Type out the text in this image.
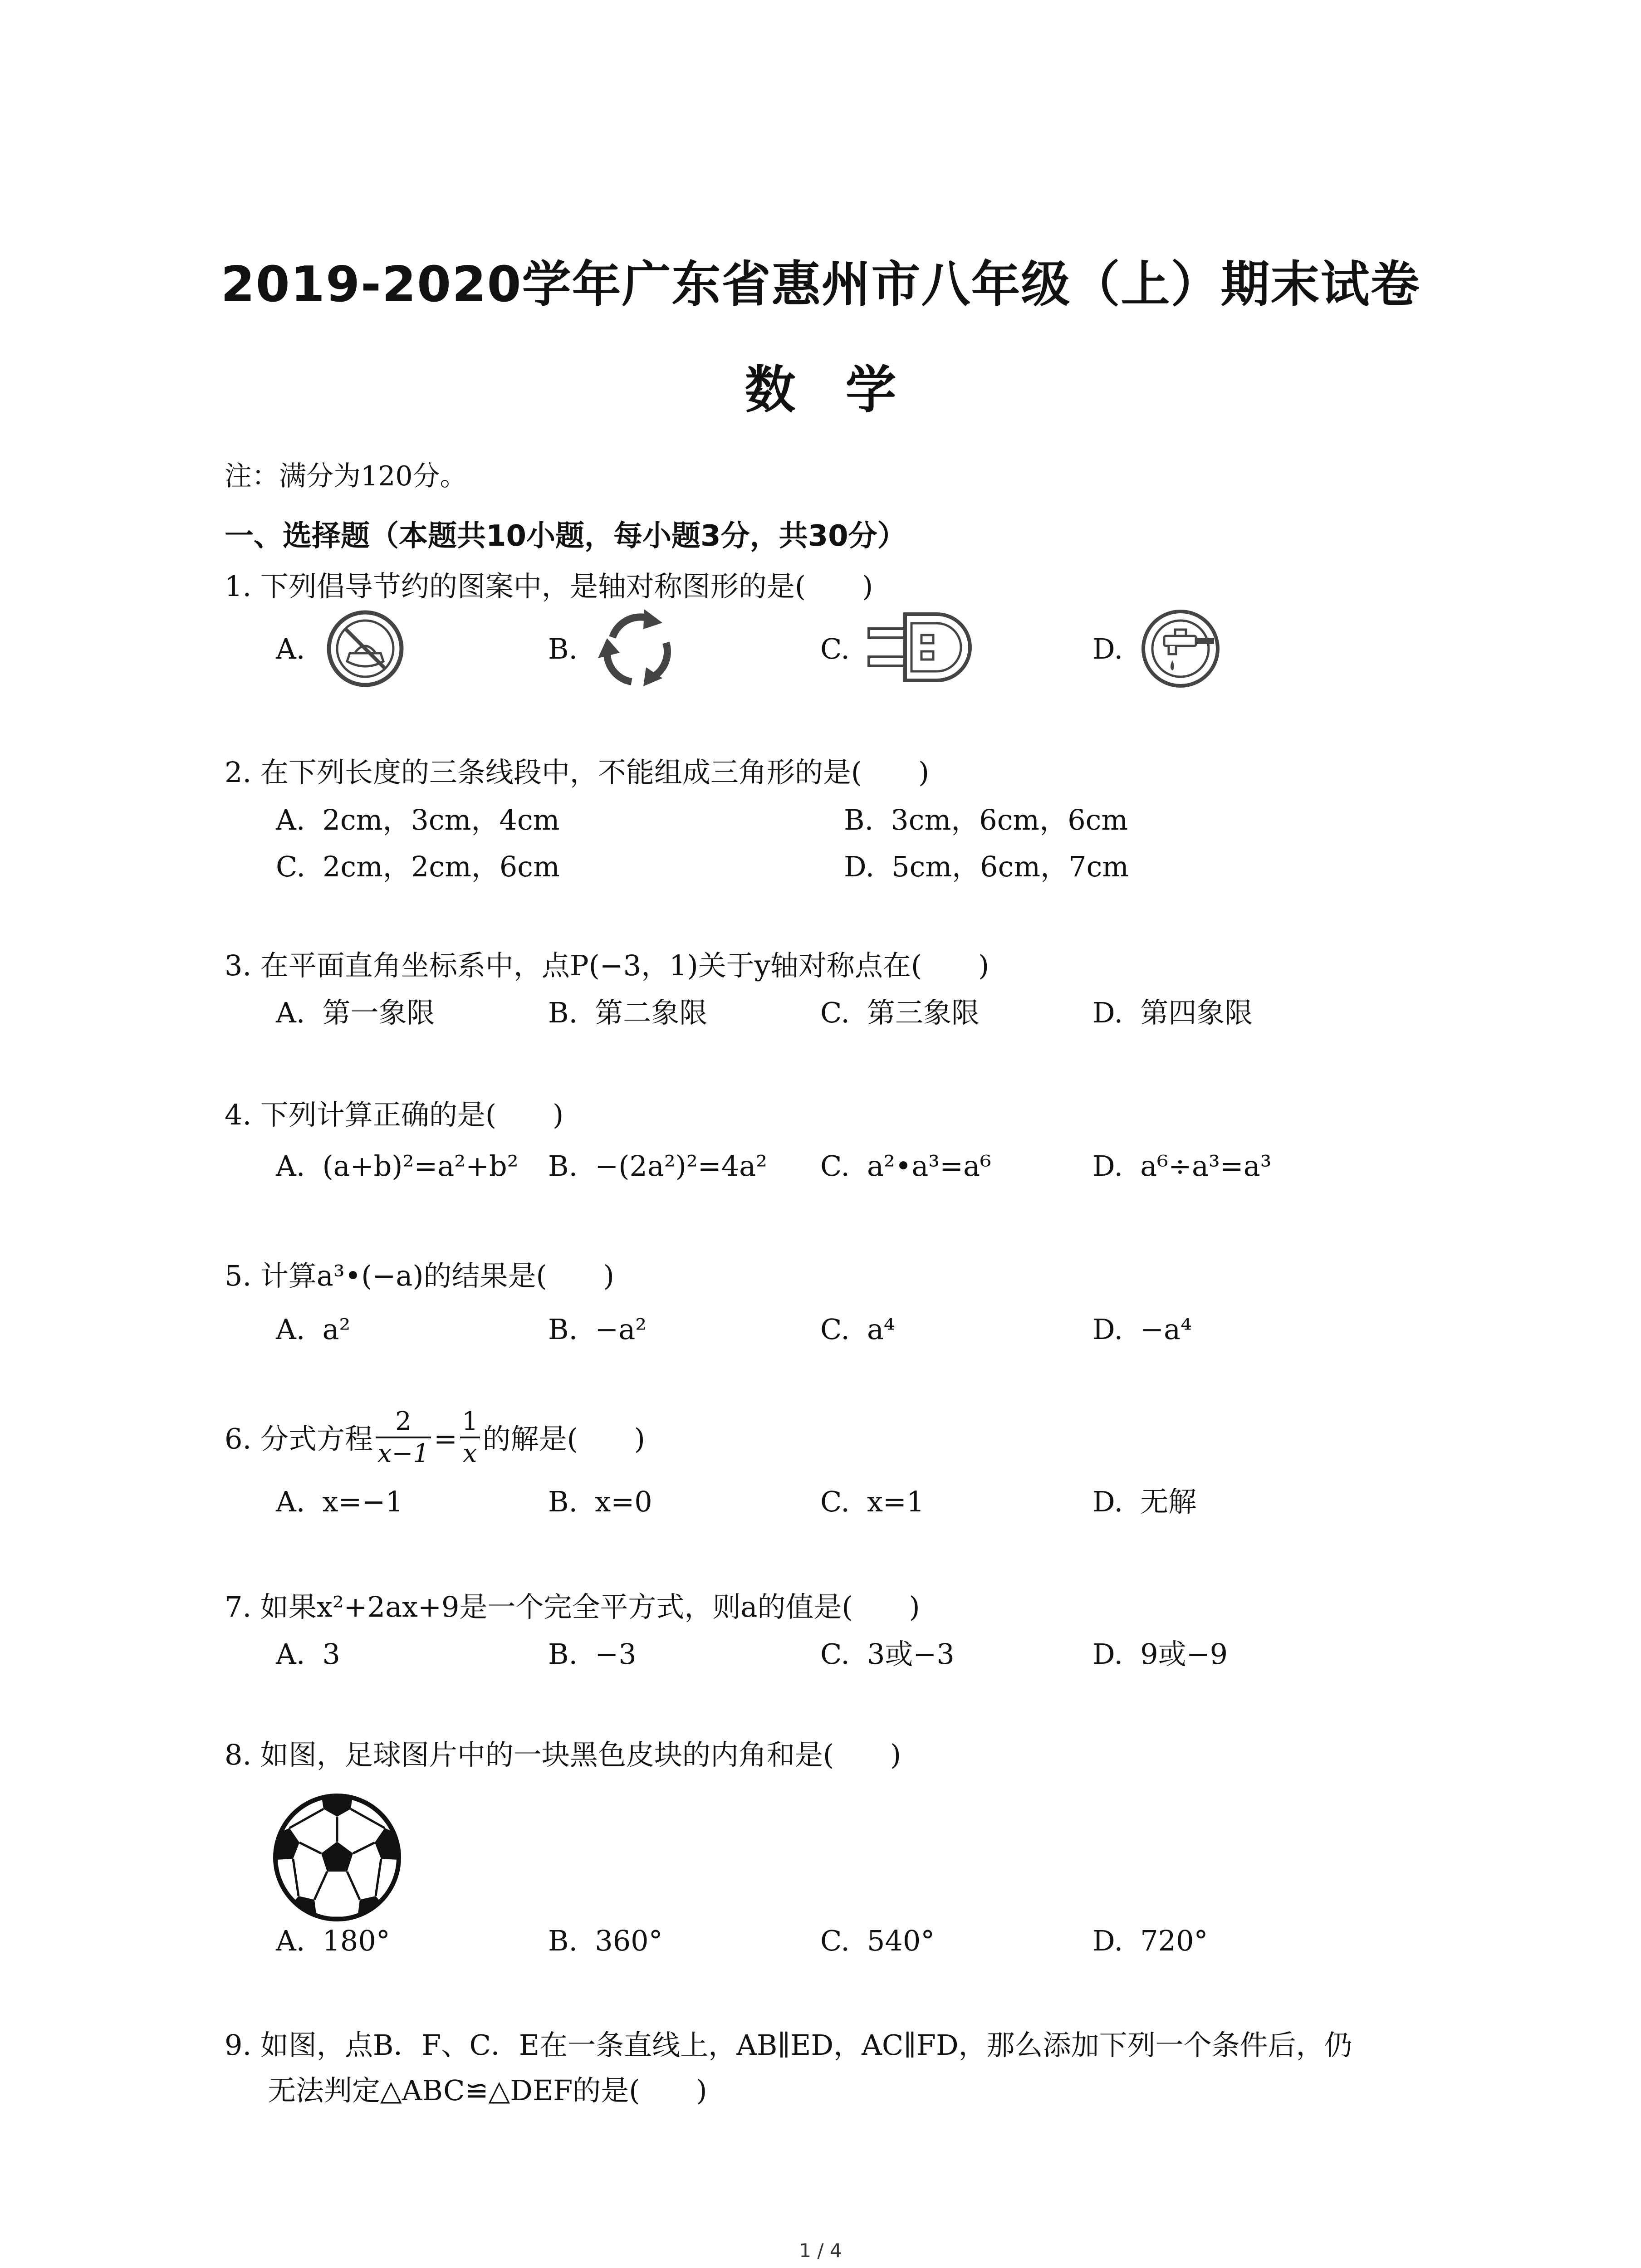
2019-2020学年广东省惠州市八年级（上）期末试卷
数学
注：满分为120分。
一、选择题（本题共10小题，每小题3分，共30分）
1. 下列倡导节约的图案中，是轴对称图形的是(　　)
A.	B.	C.	D.
2. 在下列长度的三条线段中，不能组成三角形的是(　　)
A. 2cm，3cm，4cm	B. 3cm，6cm，6cm
C. 2cm，2cm，6cm	D. 5cm，6cm，7cm
3. 在平面直角坐标系中，点P(−3，1)关于y轴对称点在(　　)
A. 第一象限	B. 第二象限	C. 第三象限	D. 第四象限
4. 下列计算正确的是(　　)
A. (a+b)²=a²+b² B. −(2a²)²=4a² C. a²•a³=a⁶	D. a⁶÷a³=a³
5. 计算a³•(−a)的结果是(　　)
A. a²	B. −a²	C. a⁴	D. −a⁴
6. 分式方程 $\frac{2}{x-1} = \frac{1}{x}$ 的解是(　　)
A. x=−1	B. x=0	C. x=1	D. 无解
7. 如果x²+2ax+9是一个完全平方式，则a的值是(　　)
A. 3	B. −3	C. 3或−3	D. 9或−9
8. 如图，足球图片中的一块黑色皮块的内角和是(　　)
A. 180°	B. 360°	C. 540°	D. 720°
9. 如图，点B．F、C．E在一条直线上，AB∥ED，AC∥FD，那么添加下列一个条件后，仍
无法判定△ABC≌△DEF的是(　　)
1 / 4
